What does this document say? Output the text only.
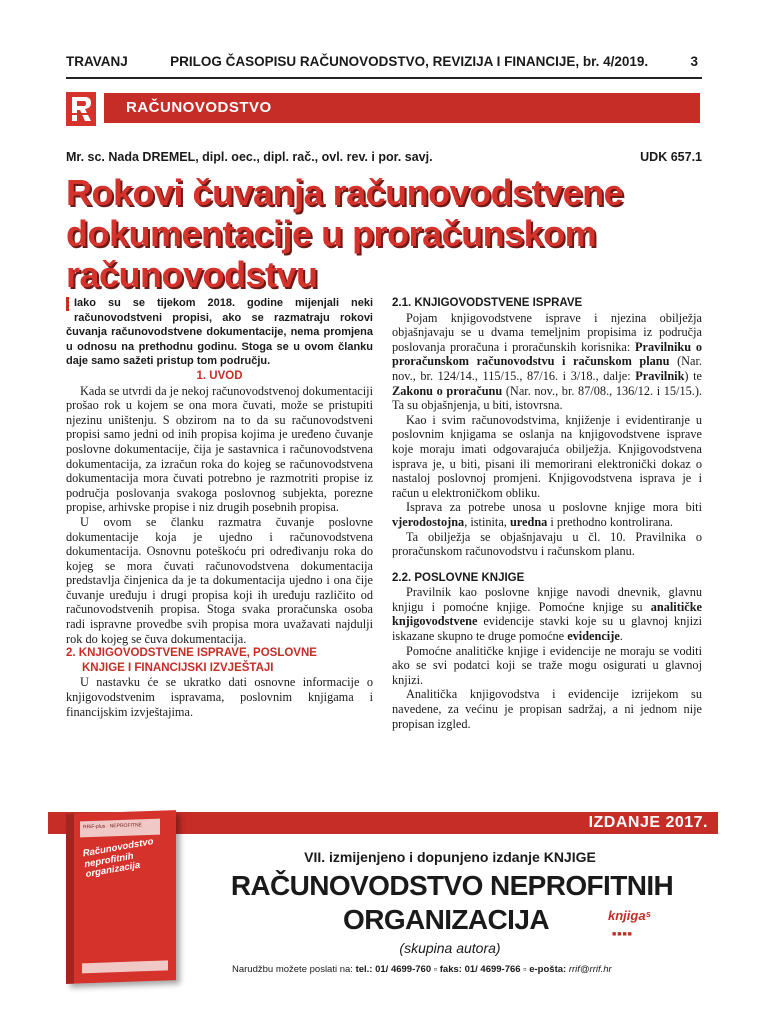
TRAVANJ	PRILOG ČASOPISU RAČUNOVODSTVO, REVIZIJA I FINANCIJE, br. 4/2019.	3
RAČUNOVODSTVO
Mr. sc. Nada DREMEL, dipl. oec., dipl. rač., ovl. rev. i por. savj.	UDK 657.1
Rokovi čuvanja računovodstvene
dokumentacije u proračunskom
računovodstvu

Iako su se tijekom 2018. godine mijenjali neki računovodstveni propisi, ako se razmatraju rokovi čuvanja računovodstvene dokumentacije, nema promjena u odnosu na prethodnu godinu. Stoga se u ovom članku daje samo sažeti pristup tom području.

1. UVOD

Kada se utvrdi da je nekoj računovodstvenoj dokumentaciji prošao rok u kojem se ona mora čuvati, može se pristupiti njezinu uništenju. S obzirom na to da su računovodstveni propisi samo jedni od inih propisa kojima je uređeno čuvanje poslovne dokumentacije, čija je sastavnica i računovodstvena dokumentacija, za izračun roka do kojeg se računovodstvena dokumentacija mora čuvati potrebno je razmotriti propise iz područja poslovanja svakoga poslovnog subjekta, porezne propise, arhivske propise i niz drugih posebnih propisa.

U ovom se članku razmatra čuvanje poslovne dokumentacije koja je ujedno i računovodstvena dokumentacija. Osnovnu poteškoću pri određivanju roka do kojeg se mora čuvati računovodstvena dokumentacija predstavlja činjenica da je ta dokumentacija ujedno i ona čije čuvanje uređuju i drugi propisa koji ih uređuju različito od računovodstvenih propisa. Stoga svaka proračunska osoba radi ispravne provedbe svih propisa mora uvažavati najdulji rok do kojeg se čuva dokumentacija.

2. KNJIGOVODSTVENE ISPRAVE, POSLOVNE
KNJIGE I FINANCIJSKI IZVJEŠTAJI

U nastavku će se ukratko dati osnovne informacije o knjigovodstvenim ispravama, poslovnim knjigama i financijskim izvještajima.

2.1. KNJIGOVODSTVENE ISPRAVE

Pojam knjigovodstvene isprave i njezina obilježja objašnjavaju se u dvama temeljnim propisima iz područja poslovanja proračuna i proračunskih korisnika: Pravilniku o proračunskom računovodstvu i računskom planu (Nar. nov., br. 124/14., 115/15., 87/16. i 3/18., dalje: Pravilnik) te Zakonu o proračunu (Nar. nov., br. 87/08., 136/12. i 15/15.). Ta su objašnjenja, u biti, istovrsna.

Kao i svim računovodstvima, knjiženje i evidentiranje u poslovnim knjigama se oslanja na knjigovodstvene isprave koje moraju imati odgovarajuća obilježja. Knjigovodstvena isprava je, u biti, pisani ili memorirani elektronički dokaz o nastaloj poslovnoj promjeni. Knjigovodstvena isprava je i račun u elektroničkom obliku.

Isprava za potrebe unosa u poslovne knjige mora biti vjerodostojna, istinita, uredna i prethodno kontrolirana.

Ta obilježja se objašnjavaju u čl. 10. Pravilnika o proračunskom računovodstvu i računskom planu.

2.2. POSLOVNE KNJIGE

Pravilnik kao poslovne knjige navodi dnevnik, glavnu knjigu i pomoćne knjige. Pomoćne knjige su analitičke knjigovodstvene evidencije stavki koje su u glavnoj knjizi iskazane skupno te druge pomoćne evidencije.

Pomoćne analitičke knjige i evidencije ne moraju se voditi ako se svi podatci koji se traže mogu osigurati u glavnoj knjizi.

Analitička knjigovodstva i evidencije izrijekom su navedene, za većinu je propisan sadržaj, a ni jednom nije propisan izgled.

IZDANJE 2017.
RRiF-plus · NEPROFITNE
Računovodstvo neprofitnih organizacija
VII. izmijenjeno i dopunjeno izdanje KNJIGE
RAČUNOVODSTVO NEPROFITNIH
ORGANIZACIJA
(skupina autora)
knjigaˢ
■■■■
Narudžbu možete poslati na: tel.: 01/ 4699-760 ▫ faks: 01/ 4699-766 ▫ e-pošta: rrif@rrif.hr
